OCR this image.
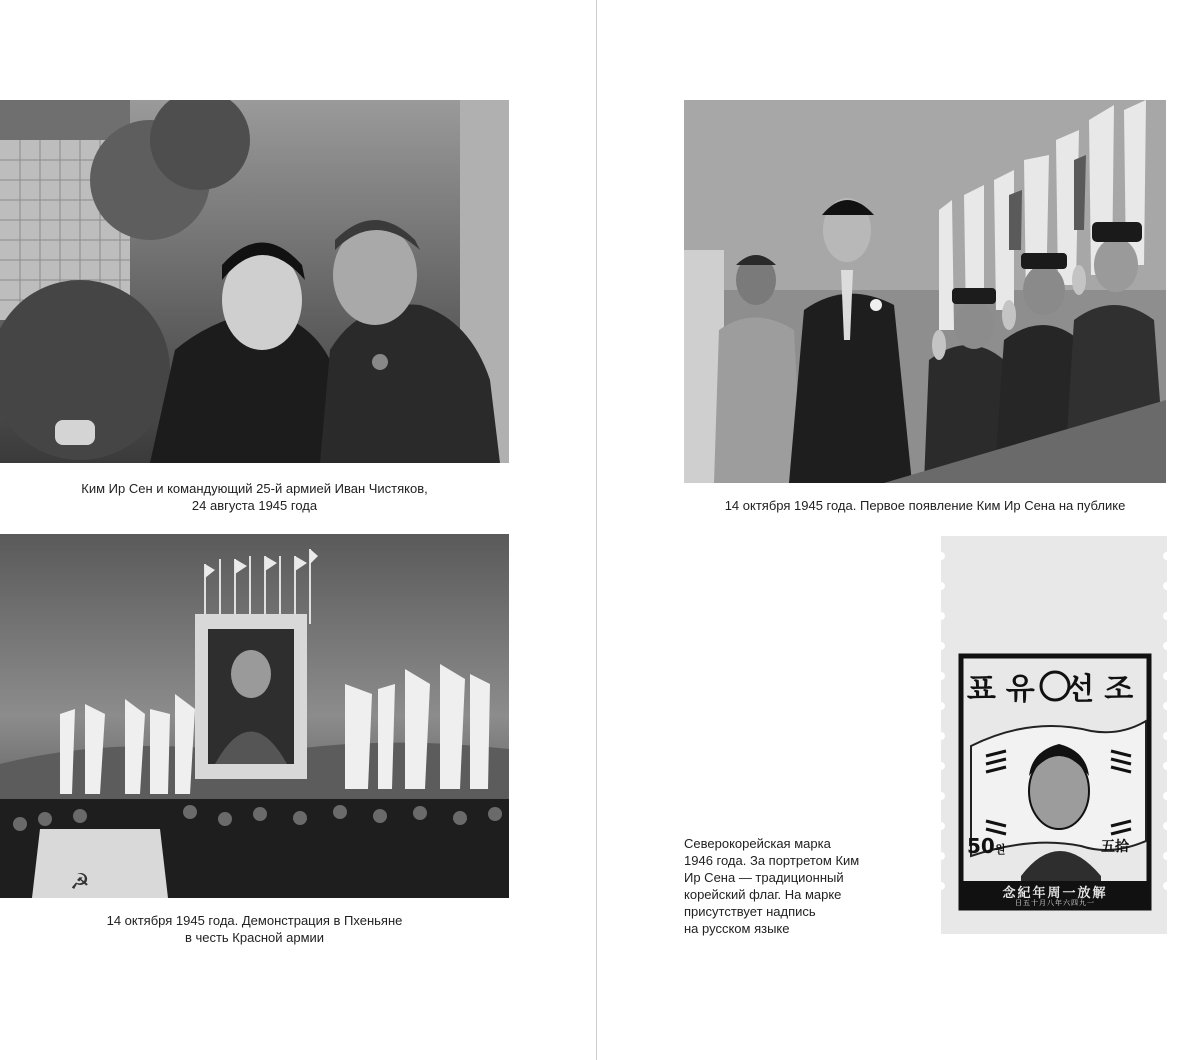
Ким Ир Сен и командующий 25-й армией Иван Чистяков,
24 августа 1945 года
☭
14 октября 1945 года. Демонстрация в Пхеньяне
в честь Красной армии
14 октября 1945 года. Первое появление Ким Ир Сена на публике
표유 선조
50원	五拾
念紀年周一放解
日五十月八年六四九一
Северокорейская марка
1946 года. За портретом Ким
Ир Сена — традиционный
корейский флаг. На марке
присутствует надпись
на русском языке
